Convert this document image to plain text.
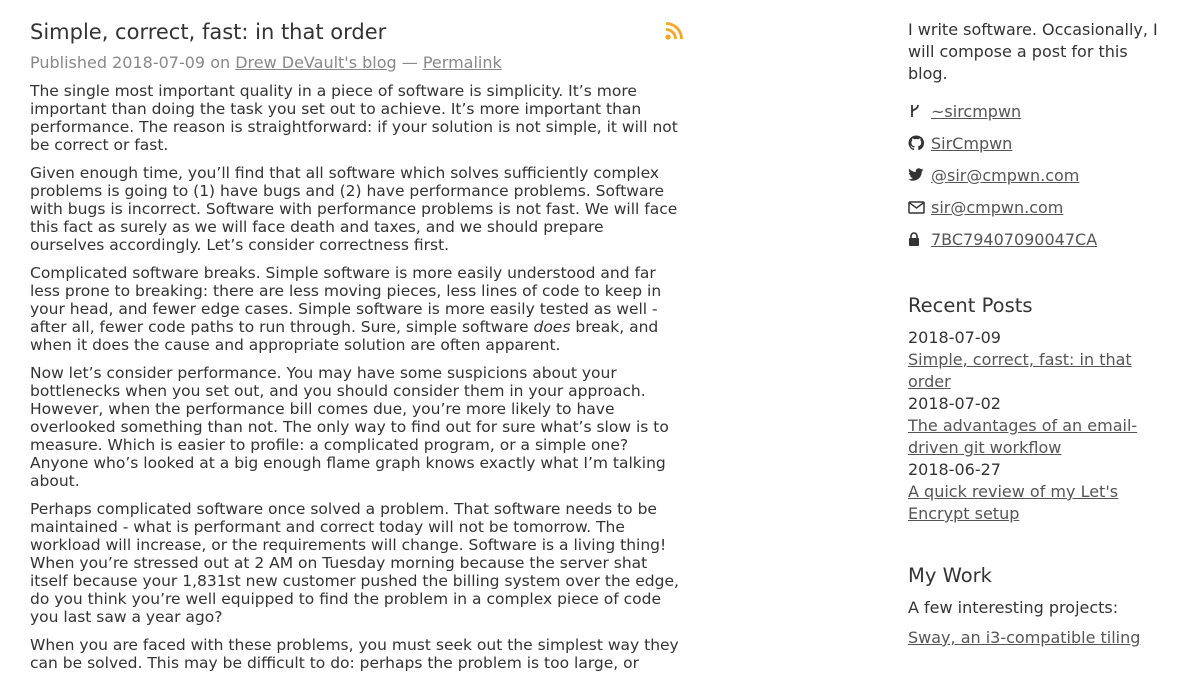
Simple, correct, fast: in that order
Published 2018-07-09 on Drew DeVault's blog — Permalink

The single most important quality in a piece of software is simplicity. It’s more important than doing the task you set out to achieve. It’s more important than performance. The reason is straightforward: if your solution is not simple, it will not be correct or fast.

Given enough time, you’ll find that all software which solves sufficiently complex problems is going to (1) have bugs and (2) have performance problems. Software with bugs is incorrect. Software with performance problems is not fast. We will face this fact as surely as we will face death and taxes, and we should prepare ourselves accordingly. Let’s consider correctness first.

Complicated software breaks. Simple software is more easily understood and far less prone to breaking: there are less moving pieces, less lines of code to keep in your head, and fewer edge cases. Simple software is more easily tested as well - after all, fewer code paths to run through. Sure, simple software does break, and when it does the cause and appropriate solution are often apparent.

Now let’s consider performance. You may have some suspicions about your bottlenecks when you set out, and you should consider them in your approach. However, when the performance bill comes due, you’re more likely to have overlooked something than not. The only way to find out for sure what’s slow is to measure. Which is easier to profile: a complicated program, or a simple one? Anyone who’s looked at a big enough flame graph knows exactly what I’m talking about.

Perhaps complicated software once solved a problem. That software needs to be maintained - what is performant and correct today will not be tomorrow. The workload will increase, or the requirements will change. Software is a living thing! When you’re stressed out at 2 AM on Tuesday morning because the server shat itself because your 1,831st new customer pushed the billing system over the edge, do you think you’re well equipped to find the problem in a complex piece of code you last saw a year ago?

When you are faced with these problems, you must seek out the simplest way they can be solved. This may be difficult to do: perhaps the problem is too large, or

I write software. Occasionally, I will compose a post for this blog.

~sircmpwn
SirCmpwn
@sir@cmpwn.com
sir@cmpwn.com
7BC79407090047CA
Recent Posts
2018-07-09
Simple, correct, fast: in that order
2018-07-02
The advantages of an email-driven git workflow
2018-06-27
A quick review of my Let's Encrypt setup
My Work

A few interesting projects:

Sway, an i3-compatible tiling
